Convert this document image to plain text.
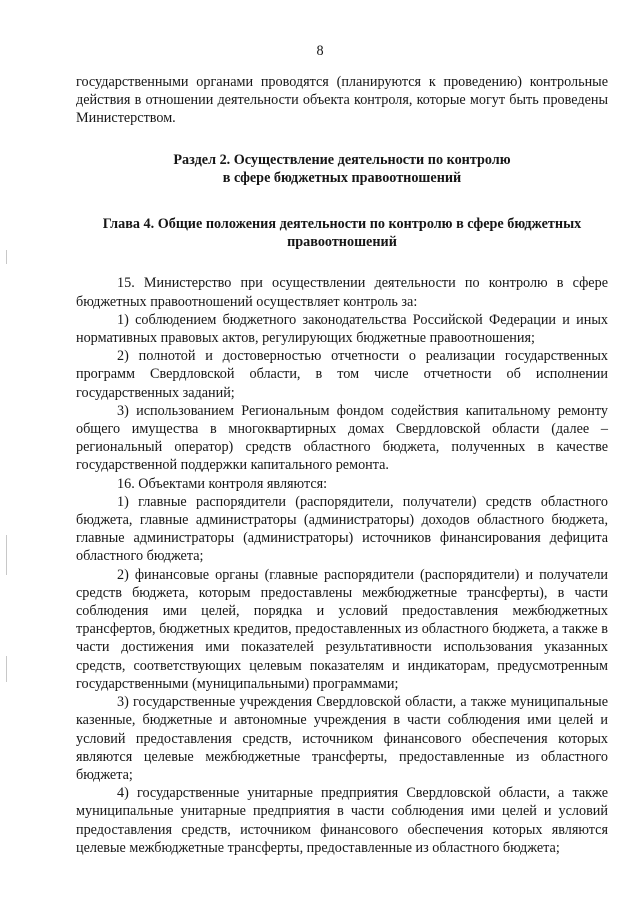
8

государственными органами проводятся (планируются к проведению) контрольные действия в отношении деятельности объекта контроля, которые могут быть проведены Министерством.

Раздел 2. Осуществление деятельности по контролю
в сфере бюджетных правоотношений
Глава 4. Общие положения деятельности по контролю в сфере бюджетных
правоотношений

15. Министерство при осуществлении деятельности по контролю в сфере бюджетных правоотношений осуществляет контроль за:

1) соблюдением бюджетного законодательства Российской Федерации и иных нормативных правовых актов, регулирующих бюджетные правоотношения;

2) полнотой и достоверностью отчетности о реализации государственных программ Свердловской области, в том числе отчетности об исполнении государственных заданий;

3) использованием Региональным фондом содействия капитальному ремонту общего имущества в многоквартирных домах Свердловской области (далее – региональный оператор) средств областного бюджета, полученных в качестве государственной поддержки капитального ремонта.

16. Объектами контроля являются:

1) главные распорядители (распорядители, получатели) средств областного бюджета, главные администраторы (администраторы) доходов областного бюджета, главные администраторы (администраторы) источников финансирования дефицита областного бюджета;

2) финансовые органы (главные распорядители (распорядители) и получатели средств бюджета, которым предоставлены межбюджетные трансферты), в части соблюдения ими целей, порядка и условий предоставления межбюджетных трансфертов, бюджетных кредитов, предоставленных из областного бюджета, а также в части достижения ими показателей результативности использования указанных средств, соответствующих целевым показателям и индикаторам, предусмотренным государственными (муниципальными) программами;

3) государственные учреждения Свердловской области, а также муниципальные казенные, бюджетные и автономные учреждения в части соблюдения ими целей и условий предоставления средств, источником финансового обеспечения которых являются целевые межбюджетные трансферты, предоставленные из областного бюджета;

4) государственные унитарные предприятия Свердловской области, а также муниципальные унитарные предприятия в части соблюдения ими целей и условий предоставления средств, источником финансового обеспечения которых являются целевые межбюджетные трансферты, предоставленные из областного бюджета;
